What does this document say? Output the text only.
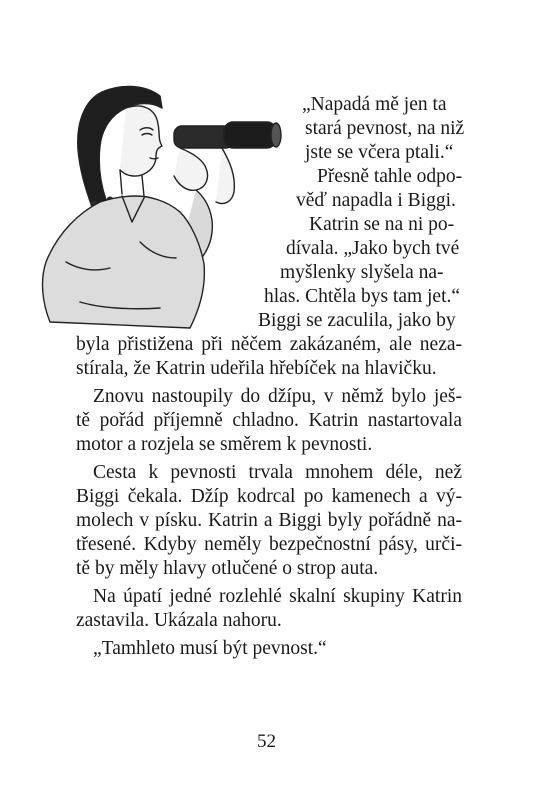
„Napadá mě jen ta
stará pevnost, na niž
jste se včera ptali.“
Přesně tahle odpo-
věď napadla i Biggi.
Katrin se na ni po-
dívala. „Jako bych tvé
myšlenky slyšela na-
hlas. Chtěla bys tam jet.“
Biggi se zaculila, jako by
byla přistižena při něčem zakázaném, ale neza-
stírala, že Katrin udeřila hřebíček na hlavičku.
Znovu nastoupily do džípu, v němž bylo ješ-
tě pořád příjemně chladno. Katrin nastartovala
motor a rozjela se směrem k pevnosti.
Cesta k pevnosti trvala mnohem déle, než
Biggi čekala. Džíp kodrcal po kamenech a vý-
molech v písku. Katrin a Biggi byly pořádně na-
třesené. Kdyby neměly bezpečnostní pásy, urči-
tě by měly hlavy otlučené o strop auta.
Na úpatí jedné rozlehlé skalní skupiny Katrin
zastavila. Ukázala nahoru.
„Tamhleto musí být pevnost.“
52
